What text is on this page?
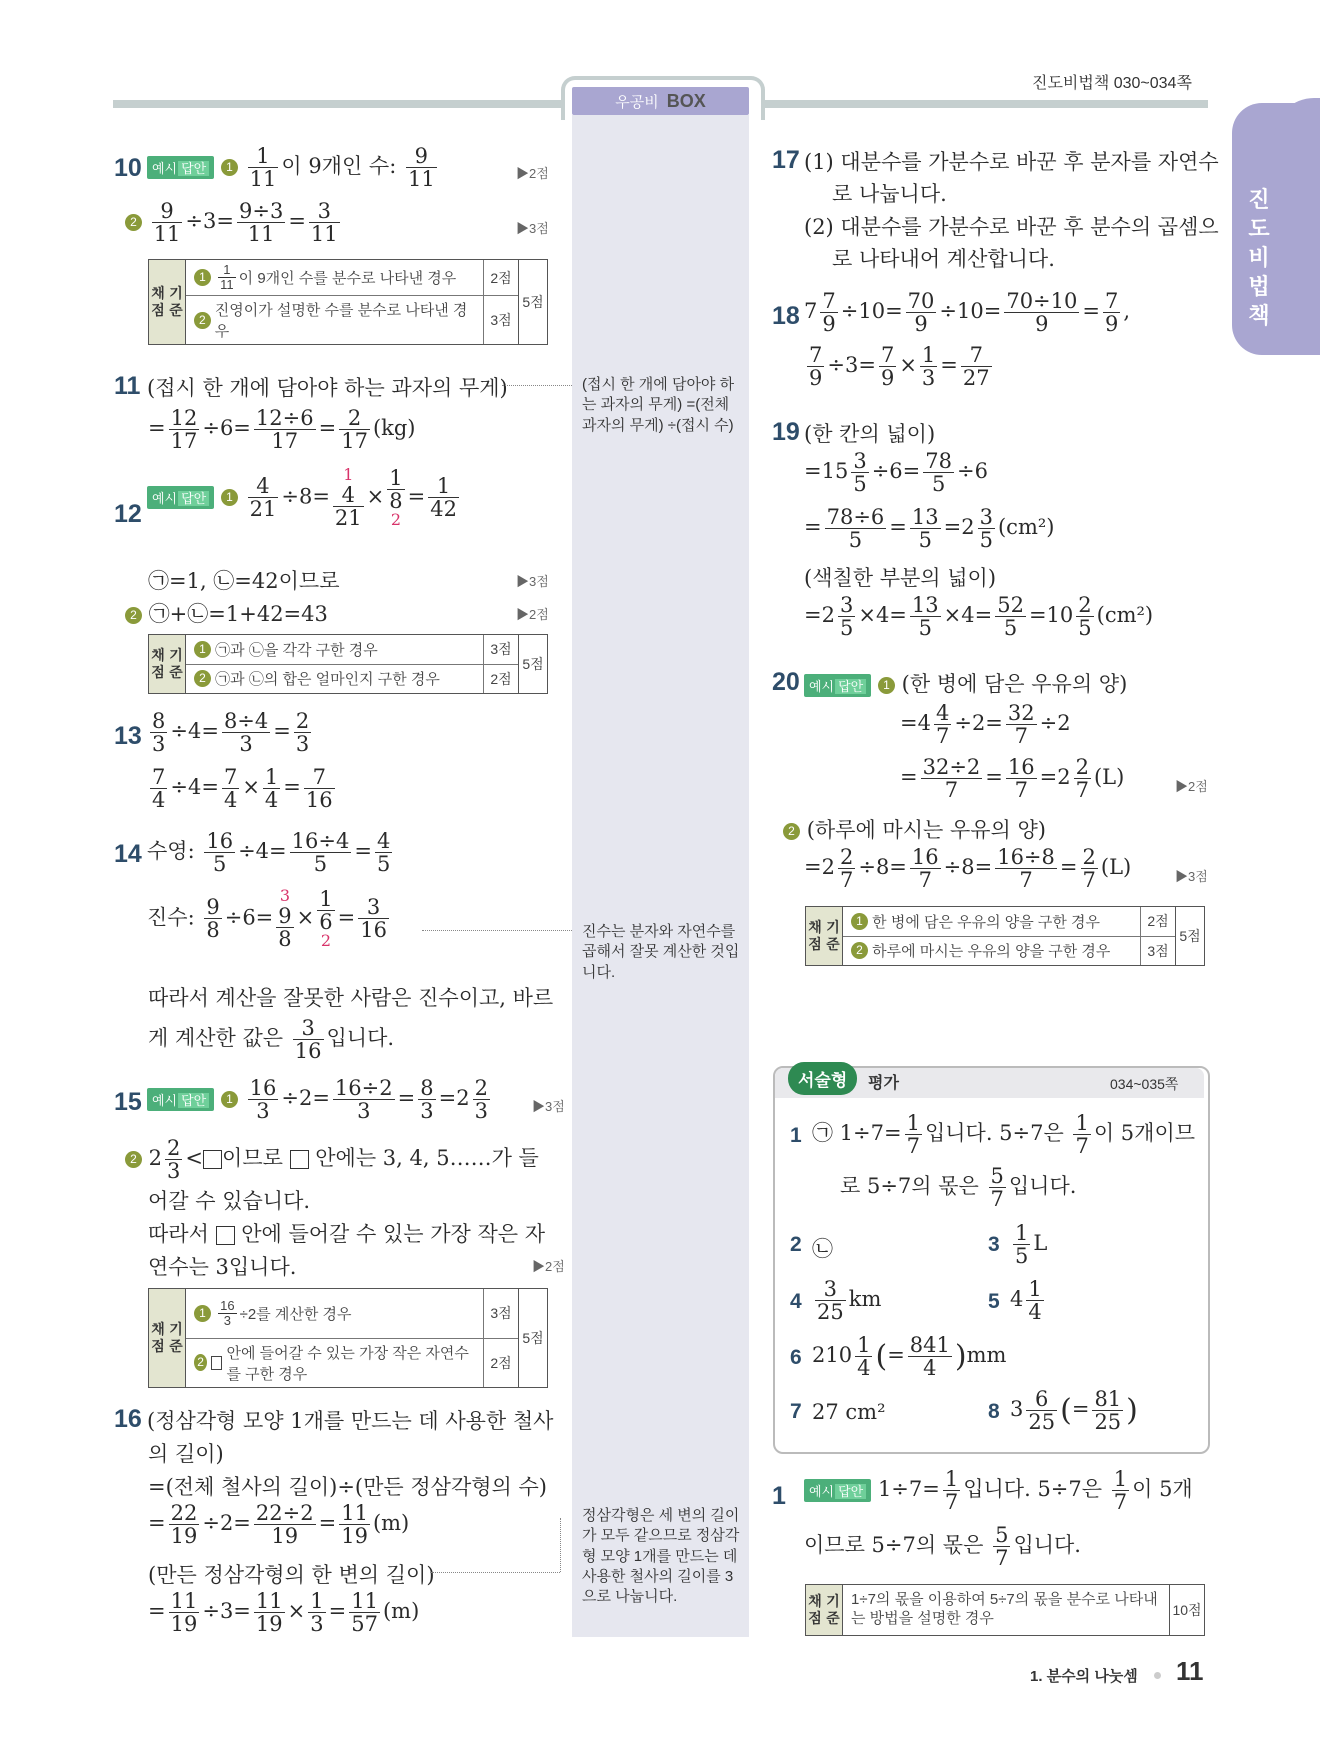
진도비법책 030~034쪽
우공비 BOX
진
도
비
법
책
10 예시 답안 $1 \frac{1}{11}$ 이 9개인 수: $\frac{9}{11}$	▶2점
$2 \frac{9}{11} \div 3= \frac{9\div 3}{11} = \frac{3}{11}$	▶3점
채점

기준
1
$\frac{1}{11}$ 이 9개인 수를 분수로 나타낸 경우	2점
2

진영이가 설명한 수를 분수로 나타낸 경우
3점
5점
11 (접시 한 개에 담아야 하는 과자의 무게)
= $\frac{12}{17} \div 6= \frac{12\div 6}{17} = \frac{2}{17} (kg)$
12
예시 답안 $1 \frac{4}{21} \div 8= 1$
4
21 × 1
8
$2 = \frac{1}{42}$
㉠=1, ㉡=42이므로	▶3점
2 ㉠+㉡=1+42=43	▶2점
채점

기준
1
㉠과 ㉡을 각각 구한 경우	3점
2
㉠과 ㉡의 합은 얼마인지 구한 경우	2점
5점
$13 \frac{8}{3} \div 4= \frac{8\div 4}{3} = \frac{2}{3}$
$\frac{7}{4} \div 4= \frac{7}{4} \times \frac{1}{4} = \frac{7}{16}$
14 수영: $\frac{16}{5} \div 4= \frac{16\div 4}{5} = \frac{4}{5}$
진수: $\frac{9}{8} \div 6= 3$
9
8 × 1
6
$2 = \frac{3}{16}$
따라서 계산을 잘못한 사람은 진수이고, 바르
게 계산한 값은 $\frac{3}{16}$ 입니다.
15 예시 답안 $1 \frac{16}{3} \div 2= \frac{16\div 2}{3} = \frac{8}{3} =2 \frac{2}{3}$	▶3점
2 $2 \frac{2}{3}$ < 이므로 안에는 3, 4, 5……가 들
어갈 수 있습니다.
따라서 안에 들어갈 수 있는 가장 작은 자
연수는 3입니다.	▶2점
채점

기준
1
$\frac{16}{3} \div 2$를 계산한 경우	3점
2

안에 들어갈 수 있는 가장 작은 자연수를 구한 경우
2점
5점
16 (정삼각형 모양 1개를 만드는 데 사용한 철사
의 길이)
=(전체 철사의 길이)÷(만든 정삼각형의 수)
= $\frac{22}{19} \div 2= \frac{22\div 2}{19} = \frac{11}{19} (m)$
(만든 정삼각형의 한 변의 길이)
= $\frac{11}{19} \div 3= \frac{11}{19} \times \frac{1}{3} = \frac{11}{57} (m)$
(접시 한 개에 담아야 하는 과자의 무게) =(전체 과자의 무게) ÷(접시 수)
진수는 분자와 자연수를 곱해서 잘못 계산한 것입니다.
정삼각형은 세 변의 길이가 모두 같으므로 정삼각형 모양 1개를 만드는 데 사용한 철사의 길이를 3으로 나눕니다.
17 (1) 대분수를 가분수로 바꾼 후 분자를 자연수
로 나눕니다.
(2) 대분수를 가분수로 바꾼 후 분수의 곱셈으
로 나타내어 계산합니다.
18 $7 \frac{7}{9} \div 10= \frac{70}{9} \div 10= \frac{70\div 10}{9} = \frac{7}{9}$ ,
$\frac{7}{9} \div 3= \frac{7}{9} \times \frac{1}{3} = \frac{7}{27}$
19 (한 칸의 넓이)
$=15 \frac{3}{5} \div 6= \frac{78}{5} \div 6$
= $\frac{78\div 6}{5} = \frac{13}{5} =2 \frac{3}{5} (cm^2)$
(색칠한 부분의 넓이)
$=2 \frac{3}{5} \times 4= \frac{13}{5} \times 4= \frac{52}{5} =10 \frac{2}{5} (cm^2)$
20 예시 답안 1 (한 병에 담은 우유의 양)
$=4 \frac{4}{7} \div 2= \frac{32}{7} \div 2$
= $\frac{32\div 2}{7} = \frac{16}{7} =2 \frac{2}{7} (L)$	▶2점
2 (하루에 마시는 우유의 양)
$=2 \frac{2}{7} \div 8= \frac{16}{7} \div 8= \frac{16\div 8}{7} = \frac{2}{7} (L)$	▶3점
채점

기준
1
한 병에 담은 우유의 양을 구한 경우	2점
2
하루에 마시는 우유의 양을 구한 경우	3점
5점
서술형	평가	034~035쪽
1 ㉠ $1\div 7= \frac{1}{7}$ 입니다. 5÷7은 $\frac{1}{7}$ 이 5개이므
로 5÷7의 몫은 $\frac{5}{7}$ 입니다.
2 ㉡	$3 \frac{1}{5}$ L
$4 \frac{3}{25}$ km	5 $4 \frac{1}{4}$
6 $210 \frac{1}{4}$ (= $\frac{841}{4} )mm$
7 27 cm²	8 $3 \frac{6}{25}$ (= $\frac{81}{25}$ )
1	예시 답안 $1\div 7= \frac{1}{7}$ 입니다. 5÷7은 $\frac{1}{7}$ 이 5개
이므로 5÷7의 몫은 $\frac{5}{7}$ 입니다.
채점

기준
1÷7의 몫을 이용하여 5÷7의 몫을 분수로 나타내는 방법을 설명한 경우	10점
1. 분수의 나눗셈 11
